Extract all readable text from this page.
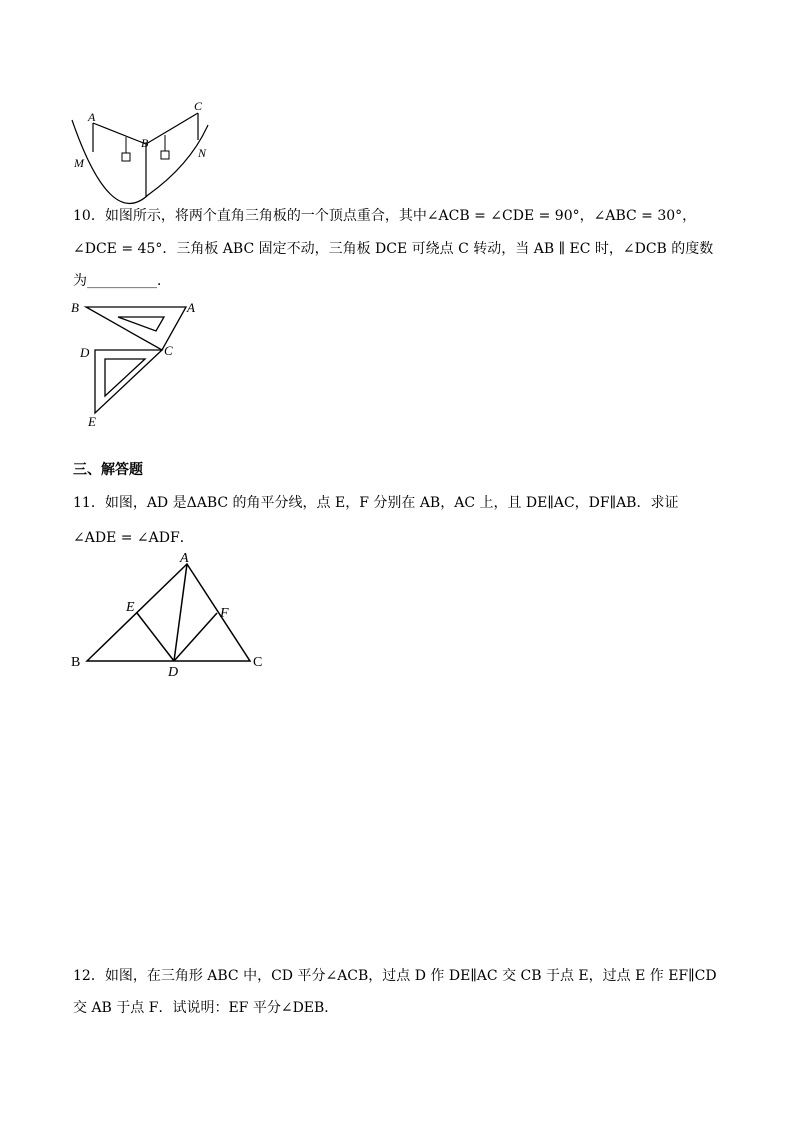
A
B
C
M
N
10．如图所示，将两个直角三角板的一个顶点重合，其中∠ACB = ∠CDE = 90°，∠ABC = 30°，
∠DCE = 45°．三角板 ABC 固定不动，三角板 DCE 可绕点 C 转动，当 AB ∥ EC 时，∠DCB 的度数
为__________．
B	A
D	C
E
三、解答题
11．如图，AD 是ΔABC 的角平分线，点 E，F 分别在 AB，AC 上，且 DE∥AC，DF∥AB．求证
∠ADE = ∠ADF．
A
E	F
B
D
C
12．如图，在三角形 ABC 中，CD 平分∠ACB，过点 D 作 DE∥AC 交 CB 于点 E，过点 E 作 EF∥CD
交 AB 于点 F．试说明：EF 平分∠DEB．
